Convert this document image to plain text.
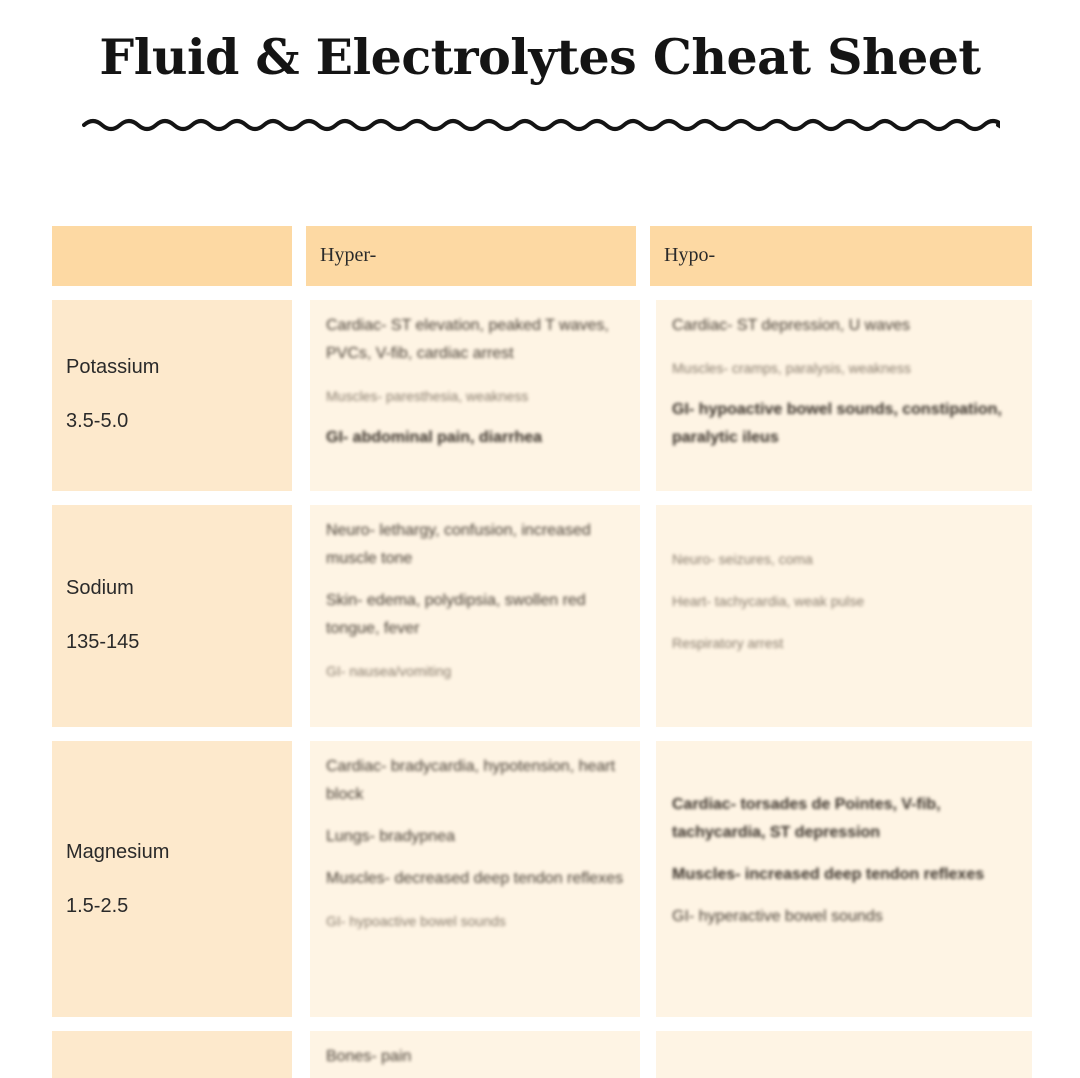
Fluid & Electrolytes Cheat Sheet
Hyper-	Hypo-
Potassium
3.5-5.0
Cardiac- ST elevation, peaked T waves, PVCs, V-fib, cardiac arrest
Muscles- paresthesia, weakness
GI- abdominal pain, diarrhea
Cardiac- ST depression, U waves
Muscles- cramps, paralysis, weakness
GI- hypoactive bowel sounds, constipation, paralytic ileus
Sodium
135-145
Neuro- lethargy, confusion, increased muscle tone
Skin- edema, polydipsia, swollen red tongue, fever
GI- nausea/vomiting
Neuro- seizures, coma
Heart- tachycardia, weak pulse
Respiratory arrest
Magnesium
1.5-2.5
Cardiac- bradycardia, hypotension, heart block
Lungs- bradypnea
Muscles- decreased deep tendon reflexes
GI- hypoactive bowel sounds
Cardiac- torsades de Pointes, V-fib, tachycardia, ST depression
Muscles- increased deep tendon reflexes
GI- hyperactive bowel sounds
Bones- pain
